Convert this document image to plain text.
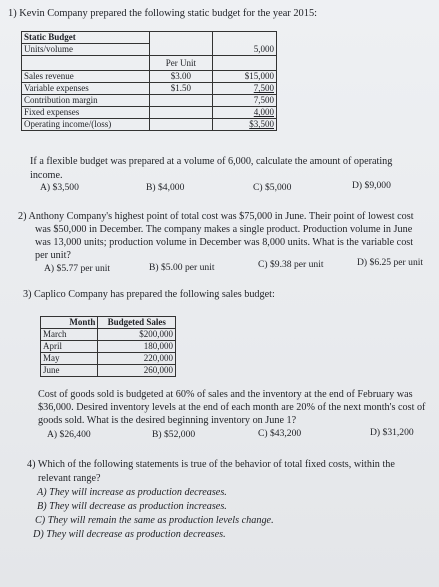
1) Kevin Company prepared the following static budget for the year 2015:
Static Budget		
Units/volume		5,000
	Per Unit	
Sales revenue	$3.00	$15,000
Variable expenses	$1.50	7,500
Contribution margin		7,500
Fixed expenses		4,000
Operating income/(loss)		$3,500
If a flexible budget was prepared at a volume of 6,000, calculate the amount of operating
income.
A) $3,500	B) $4,000	C) $5,000	D) $9,000
2) Anthony Company's highest point of total cost was $75,000 in June. Their point of lowest cost
was $50,000 in December. The company makes a single product. Production volume in June
was 13,000 units; production volume in December was 8,000 units. What is the variable cost
per unit?
A) $5.77 per unit	B) $5.00 per unit	C) $9.38 per unit	D) $6.25 per unit
3) Caplico Company has prepared the following sales budget:
Month	Budgeted Sales
March	$200,000
April	180,000
May	220,000
June	260,000
Cost of goods sold is budgeted at 60% of sales and the inventory at the end of February was
$36,000. Desired inventory levels at the end of each month are 20% of the next month's cost of
goods sold. What is the desired beginning inventory on June 1?
A) $26,400	B) $52,000	C) $43,200	D) $31,200
4) Which of the following statements is true of the behavior of total fixed costs, within the
relevant range?
A) They will increase as production decreases.
B) They will decrease as production increases.
C) They will remain the same as production levels change.
D) They will decrease as production decreases.
